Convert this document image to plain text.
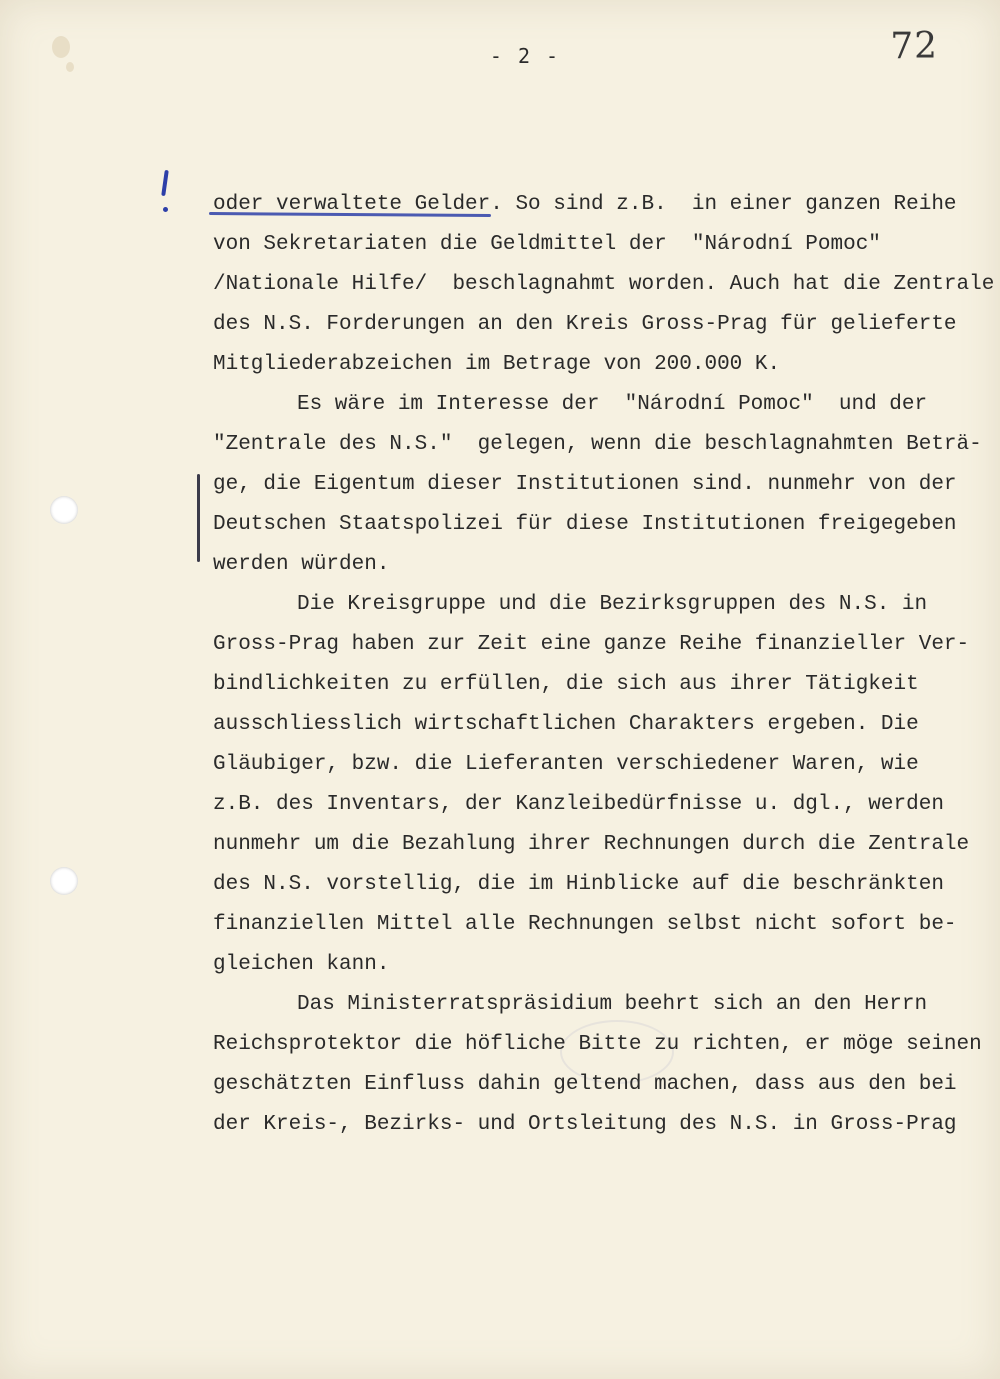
- 2 -	72
oder verwaltete Gelder. So sind z.B.  in einer ganzen Reihe
von Sekretariaten die Geldmittel der  "Národní Pomoc"
/Nationale Hilfe/  beschlagnahmt worden. Auch hat die Zentrale
des N.S. Forderungen an den Kreis Gross-Prag für gelieferte
Mitgliederabzeichen im Betrage von 200.000 K.
Es wäre im Interesse der  "Národní Pomoc"  und der
"Zentrale des N.S."  gelegen, wenn die beschlagnahmten Beträ-
ge, die Eigentum dieser Institutionen sind. nunmehr von der
Deutschen Staatspolizei für diese Institutionen freigegeben
werden würden.
Die Kreisgruppe und die Bezirksgruppen des N.S. in
Gross-Prag haben zur Zeit eine ganze Reihe finanzieller Ver-
bindlichkeiten zu erfüllen, die sich aus ihrer Tätigkeit
ausschliesslich wirtschaftlichen Charakters ergeben. Die
Gläubiger, bzw. die Lieferanten verschiedener Waren, wie
z.B. des Inventars, der Kanzleibedürfnisse u. dgl., werden
nunmehr um die Bezahlung ihrer Rechnungen durch die Zentrale
des N.S. vorstellig, die im Hinblicke auf die beschränkten
finanziellen Mittel alle Rechnungen selbst nicht sofort be-
gleichen kann.
Das Ministerratspräsidium beehrt sich an den Herrn
Reichsprotektor die höfliche Bitte zu richten, er möge seinen
geschätzten Einfluss dahin geltend machen, dass aus den bei
der Kreis-, Bezirks- und Ortsleitung des N.S. in Gross-Prag
